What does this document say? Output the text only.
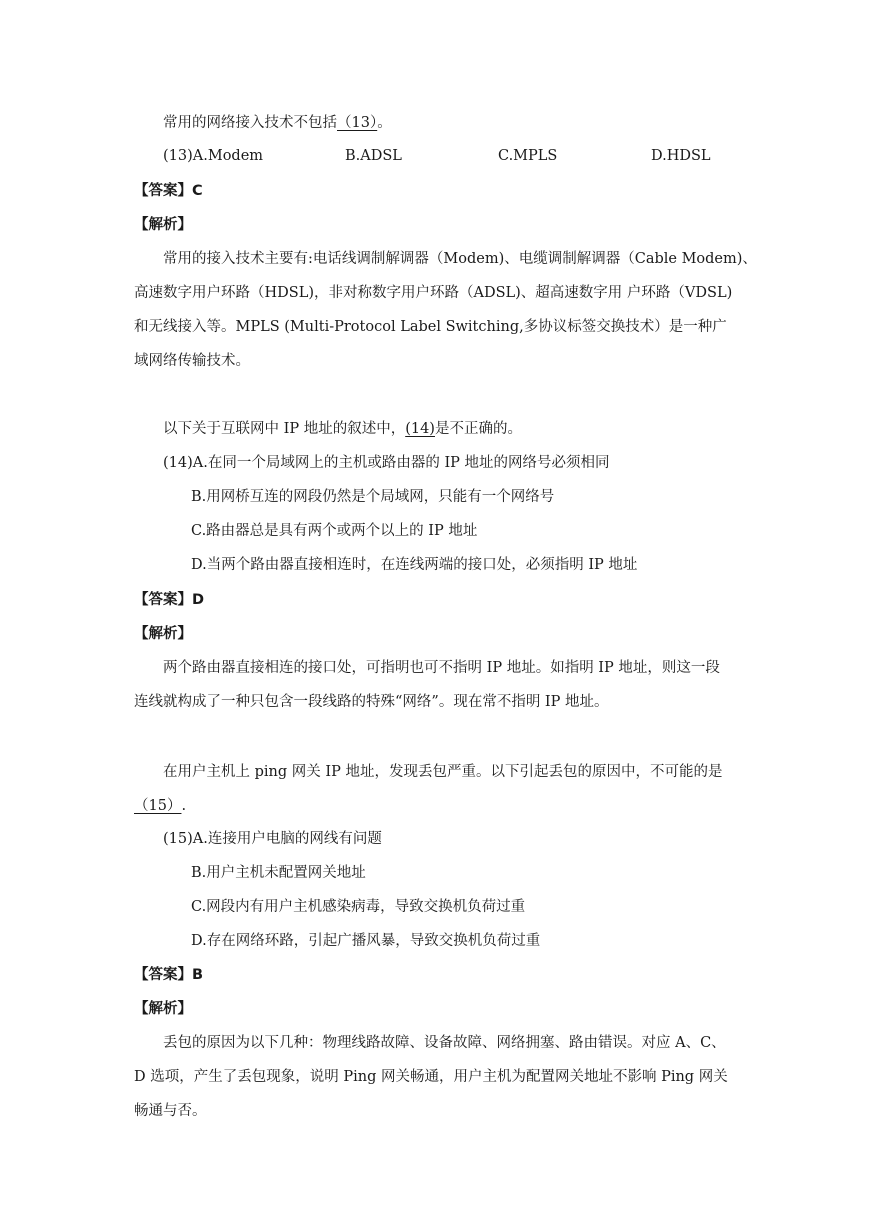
常用的网络接入技术不包括（13）。
(13)A.Modem	B.ADSL	C.MPLS	D.HDSL
【答案】C
【解析】
常用的接入技术主要有:电话线调制解调器（Modem)、电缆调制解调器（Cable Modem)、
高速数字用户环路（HDSL)，非对称数字用户环路（ADSL)、超高速数字用 户环路（VDSL)
和无线接入等。MPLS (Multi-Protocol Label Switching,多协议标签交换技术）是一种广
域网络传输技术。
以下关于互联网中 IP 地址的叙述中，(14)是不正确的。
(14)A.在同一个局域网上的主机或路由器的 IP 地址的网络号必须相同
B.用网桥互连的网段仍然是个局域网，只能有一个网络号
C.路由器总是具有两个或两个以上的 IP 地址
D.当两个路由器直接相连时，在连线两端的接口处，必须指明 IP 地址
【答案】D
【解析】
两个路由器直接相连的接口处，可指明也可不指明 IP 地址。如指明 IP 地址，则这一段
连线就构成了一种只包含一段线路的特殊“网络”。现在常不指明 IP 地址。
在用户主机上 ping 网关 IP 地址，发现丢包严重。以下引起丢包的原因中，不可能的是
（15）.
(15)A.连接用户电脑的网线有问题
B.用户主机未配置网关地址
C.网段内有用户主机感染病毒，导致交换机负荷过重
D.存在网络环路，引起广播风暴，导致交换机负荷过重
【答案】B
【解析】
丢包的原因为以下几种：物理线路故障、设备故障、网络拥塞、路由错误。对应 A、C、
D 选项，产生了丢包现象，说明 Ping 网关畅通，用户主机为配置网关地址不影响 Ping 网关
畅通与否。
